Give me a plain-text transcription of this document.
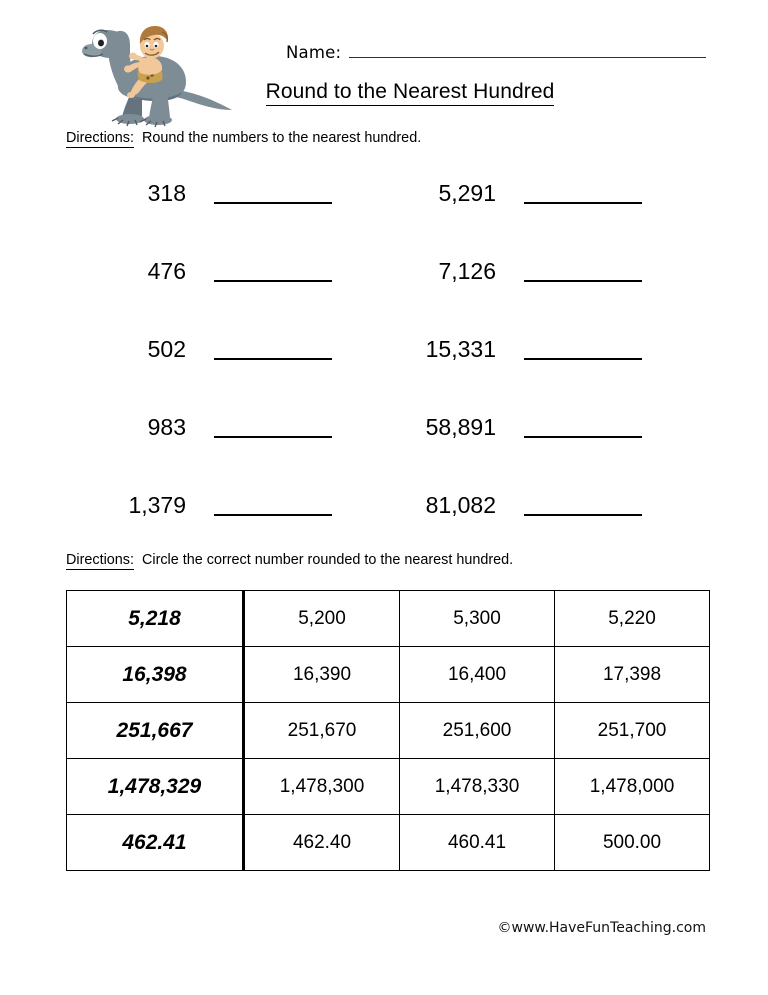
Name:
Round to the Nearest Hundred
Directions: Round the numbers to the nearest hundred.
318	5,291
476	7,126
502	15,331
983	58,891
1,379	81,082
Directions: Circle the correct number rounded to the nearest hundred.
5,218	5,200	5,300	5,220
16,398	16,390	16,400	17,398
251,667	251,670	251,600	251,700
1,478,329	1,478,300	1,478,330	1,478,000
462.41	462.40	460.41	500.00
©www.HaveFunTeaching.com
